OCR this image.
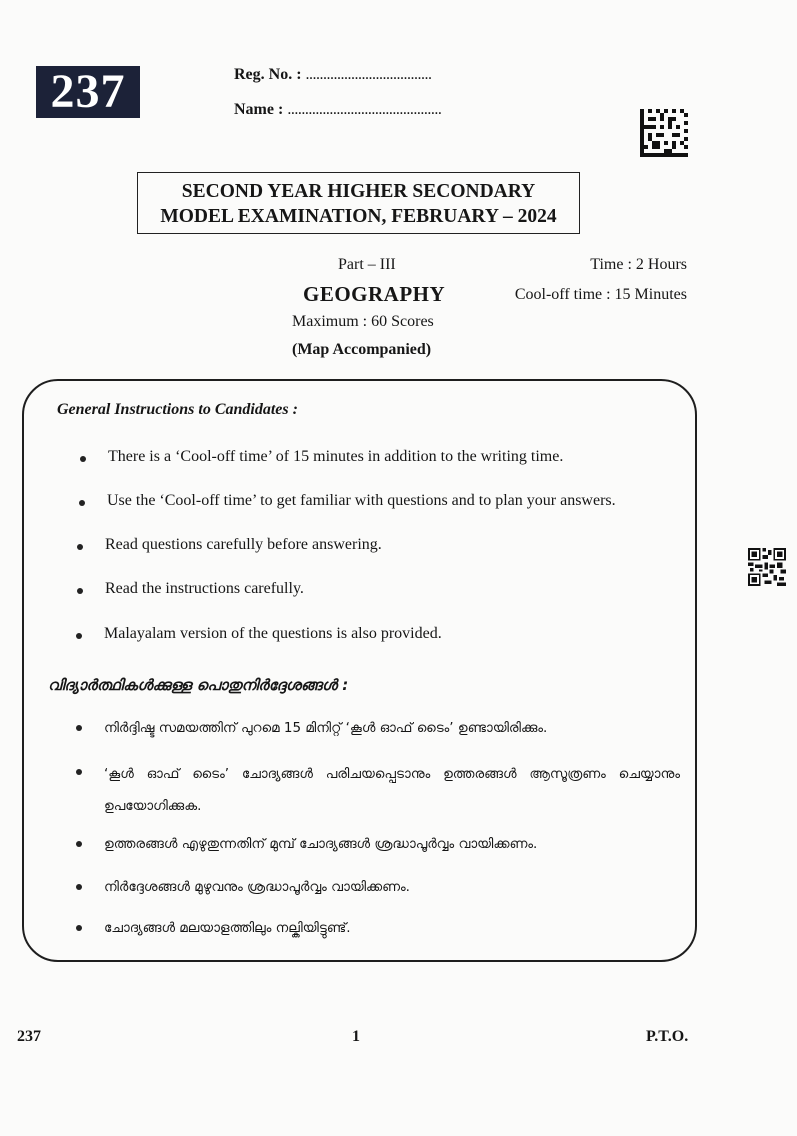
237	Reg. No. : ....................................
Name : ............................................
SECOND YEAR HIGHER SECONDARY
MODEL EXAMINATION, FEBRUARY – 2024
Part – III
GEOGRAPHY
Maximum : 60 Scores
(Map Accompanied)
Time : 2 Hours
Cool-off time : 15 Minutes
General Instructions to Candidates :
There is a ‘Cool-off time’ of 15 minutes in addition to the writing time.
Use the ‘Cool-off time’ to get familiar with questions and to plan your answers.
Read questions carefully before answering.
Read the instructions carefully.
Malayalam version of the questions is also provided.
വിദ്യാർത്ഥികൾക്കുള്ള പൊതുനിർദ്ദേശങ്ങൾ :
നിർദ്ദിഷ്ട സമയത്തിന് പുറമെ 15 മിനിറ്റ് ‘കൂൾ ഓഫ് ടൈം’ ഉണ്ടായിരിക്കും.
‘കൂൾ ഓഫ് ടൈം’ ചോദ്യങ്ങൾ പരിചയപ്പെടാനും ഉത്തരങ്ങൾ ആസൂത്രണം ചെയ്യാനും ഉപയോഗിക്കുക.
ഉത്തരങ്ങൾ എഴുതുന്നതിന് മുമ്പ് ചോദ്യങ്ങൾ ശ്രദ്ധാപൂർവ്വം വായിക്കണം.
നിർദ്ദേശങ്ങൾ മുഴുവനും ശ്രദ്ധാപൂർവ്വം വായിക്കണം.
ചോദ്യങ്ങൾ മലയാളത്തിലും നല്കിയിട്ടുണ്ട്.
237	1	P.T.O.
